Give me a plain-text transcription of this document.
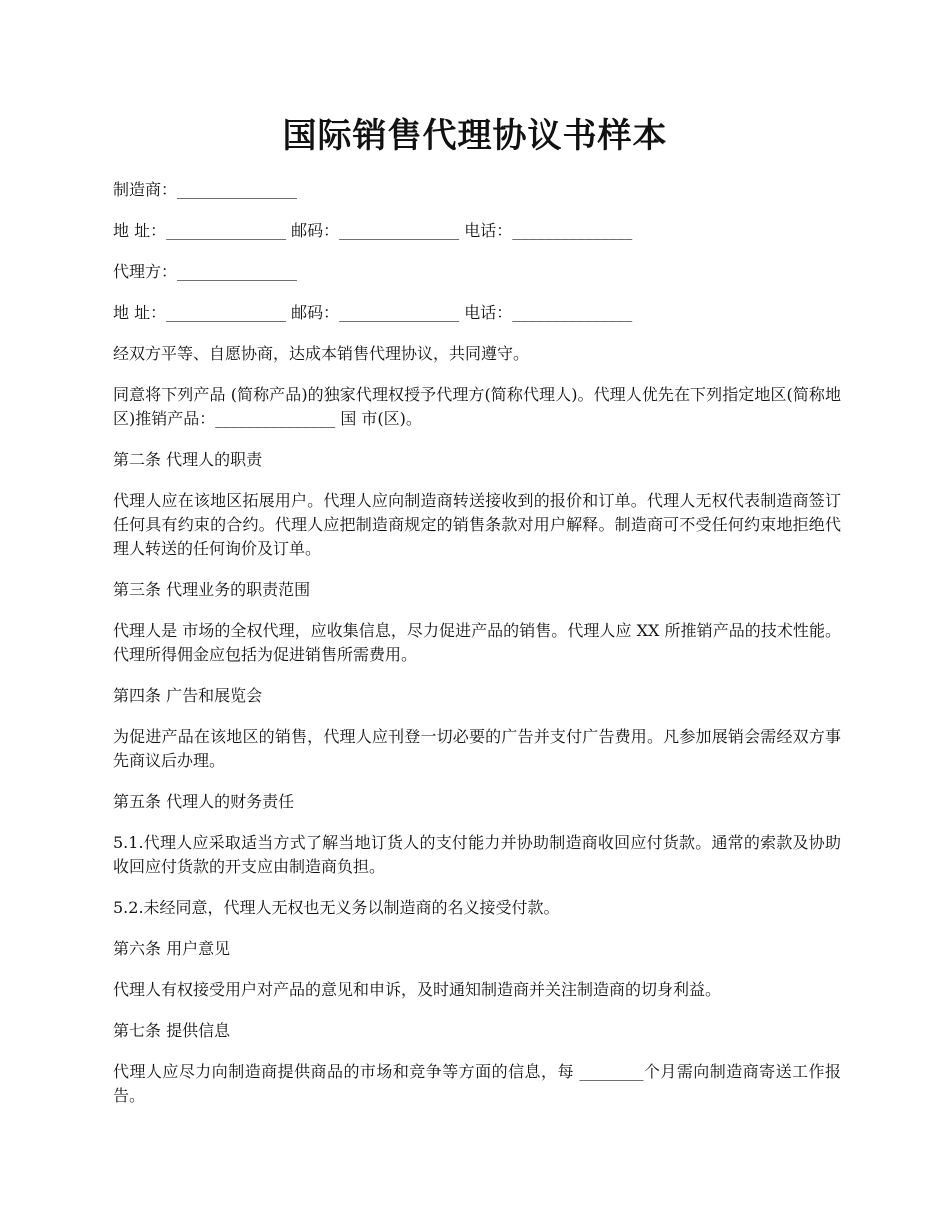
国际销售代理协议书样本

制造商：_______________

地 址：_______________ 邮码：_______________ 电话：_______________

代理方：_______________

地 址：_______________ 邮码：_______________ 电话：_______________

经双方平等、自愿协商，达成本销售代理协议，共同遵守。

同意将下列产品 (简称产品)的独家代理权授予代理方(简称代理人)。代理人优先在下列指定地区(简称地区)推销产品：_______________ 国 市(区)。

第二条 代理人的职责

代理人应在该地区拓展用户。代理人应向制造商转送接收到的报价和订单。代理人无权代表制造商签订任何具有约束的合约。代理人应把制造商规定的销售条款对用户解释。制造商可不受任何约束地拒绝代理人转送的任何询价及订单。

第三条 代理业务的职责范围

代理人是 市场的全权代理，应收集信息，尽力促进产品的销售。代理人应 XX 所推销产品的技术性能。代理所得佣金应包括为促进销售所需费用。

第四条 广告和展览会

为促进产品在该地区的销售，代理人应刊登一切必要的广告并支付广告费用。凡参加展销会需经双方事先商议后办理。

第五条 代理人的财务责任

5.1.代理人应采取适当方式了解当地订货人的支付能力并协助制造商收回应付货款。通常的索款及协助收回应付货款的开支应由制造商负担。

5.2.未经同意，代理人无权也无义务以制造商的名义接受付款。

第六条 用户意见

代理人有权接受用户对产品的意见和申诉，及时通知制造商并关注制造商的切身利益。

第七条 提供信息

代理人应尽力向制造商提供商品的市场和竞争等方面的信息，每 ________个月需向制造商寄送工作报告。
